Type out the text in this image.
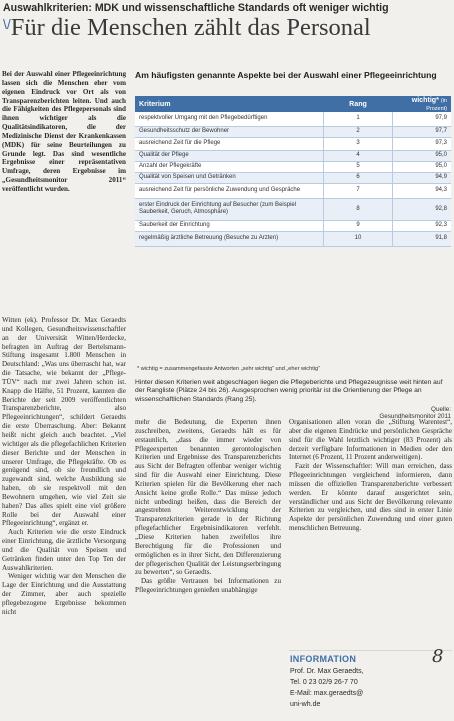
Auswahlkriterien: MDK und wissenschaftliche Standards oft weniger wichtig
\/Für die Menschen zählt das Personal
Bei der Auswahl einer Pflegeeinrichtung lassen sich die Menschen eher vom eigenen Eindruck vor Ort als von Transparenzberichten leiten. Und auch die Fähigkeiten des Pflegepersonals sind ihnen wichtiger als die Qualitätsindikatoren, die der Medizinische Dienst der Krankenkassen (MDK) für seine Beurteilungen zu Grunde legt. Das sind wesentliche Ergebnisse einer repräsentativen Umfrage, deren Ergebnisse im „Gesundheitsmonitor 2011“ veröffentlicht wurden.
Am häufigsten genannte Aspekte bei der Auswahl einer Pflegeeinrichtung
Kriterium	Rang	wichtig* (in Prozent)
respektvoller Umgang mit den Pflegebedürftigen	1	97,9
Gesundheitsschutz der Bewohner	2	97,7
ausreichend Zeit für die Pflege	3	97,3
Qualität der Pflege	4	95,0
Anzahl der Pflegekräfte	5	95,0
Qualität von Speisen und Getränken	6	94,9
ausreichend Zeit für persönliche Zuwendung und Gespräche	7	94,3
erster Eindruck der Einrichtung auf Besucher (zum Beispiel Sauberkeit, Geruch, Atmosphäre)	8	92,8
Sauberkeit der Einrichtung	9	92,3
regelmäßig ärztliche Betreuung (Besuche zu Arzten)	10	91,8
* wichtig = zusammengefasste Antworten „sehr wichtig“ und „eher wichtig“
Hinter diesen Kriterien weit abgeschlagen liegen die Pflegeberichte und Pflegezeugnisse weit hinten auf der Rangliste (Plätze 24 bis 26). Ausgesprochen wenig prioritär ist die Orientierung der Pflege an wissenschaftlichen Standards (Rang 25).
Quelle: Gesundheitsmonitor 2011

Witten (ek). Professor Dr. Max Geraedts und Kollegen, Gesundheitswissenschaftler an der Universität Witten/Herdecke, befragten im Auftrag der Bertelsmann-Stiftung insgesamt 1.800 Menschen in Deutschland: „Was uns überrascht hat, war die Tatsache, wie bekannt der „Pflege-TÜV“ nach nur zwei Jahren schon ist. Knapp die Hälfte, 51 Prozent, kannten die Berichte der seit 2009 veröffentlichten Transparenzberichte, also Pflegeeinrichtungen“, schildert Geraedts die erste Überraschung. Aber: Bekannt heißt nicht gleich auch beachtet. „Viel wichtiger als die pflegefachlichen Kriterien dieser Berichte und der Menschen in unserer Umfrage, die Pflegekräfte. Ob es genügend sind, ob sie freundlich und zugewandt sind, welche Ausbildung sie haben, ob sie respektvoll mit den Bewohnern umgehen, wie viel Zeit sie haben? Das alles spielt eine viel größere Rolle bei der Auswahl einer Pflegeeinrichtung“, ergänzt er.

Auch Kriterien wie die erste Eindruck einer Einrichtung, die ärztliche Versorgung und die Qualität von Speisen und Getränken finden unter den Top Ten der Auswahlkriterien.

Weniger wichtig war den Menschen die Lage der Einrichtung und die Ausstattung der Zimmer, aber auch spezielle pflegebezogene Ergebnisse bekommen nicht

mehr die Bedeutung, die Experten ihnen zuschreiben, zweitens, Geraedts hält es für erstaunlich, „dass die immer wieder von Pflegeexperten benannten gerontologischen Kriterien und Ergebnisse des Transparenzberichts aus Sicht der Befragten offenbar weniger wichtig sind für die Auswahl einer Einrichtung. Diese Kriterien spielen für die Bevölkerung eher nach Ansicht keine große Rolle.“ Das müsse jedoch nicht unbedingt heißen, dass die Bereich der angestrebten Weiterentwicklung der Transparenzkriterien gerade in der Richtung pflegefachlicher Ergebnisindikatoren verfehlt. „Diese Kriterien haben zweifellos ihre Berechtigung für die Professionen und ermöglichen es in ihrer Sicht, den Differenzierung der pflegerischen Qualität der Leistungserbringung zu bewerten“, so Geraedts.

Das größte Vertrauen bei Informationen zu Pflegeeinrichtungen genießen unabhängige

Organisationen allen voran die „Stiftung Warentest“, aber die eigenen Eindrücke und persönlichen Gespräche sind für die Wahl letztlich wichtiger (83 Prozent) als derzeit verfügbare Informationen in Medien oder den Internet (6 Prozent, 11 Prozent anderweitigen).

Fazit der Wissenschaftler: Will man erreichen, dass Pflegeeinrichtungen vergleichend informieren, dann müssen die offiziellen Transparenzberichte verbessert werden. Er könnte darauf ausgerichtet sein, verständlicher und aus Sicht der Bevölkerung relevante Kriterien zu vergleichen, und dies sind in erster Linie Aspekte der persönlichen Zuwendung und einer guten menschlichen Betreuung.

INFORMATION	8
Prof. Dr. Max Geraedts,
Tel. 0 23 02/9 26-7 70
E-Mail: max.geraedts@
uni-wh.de
